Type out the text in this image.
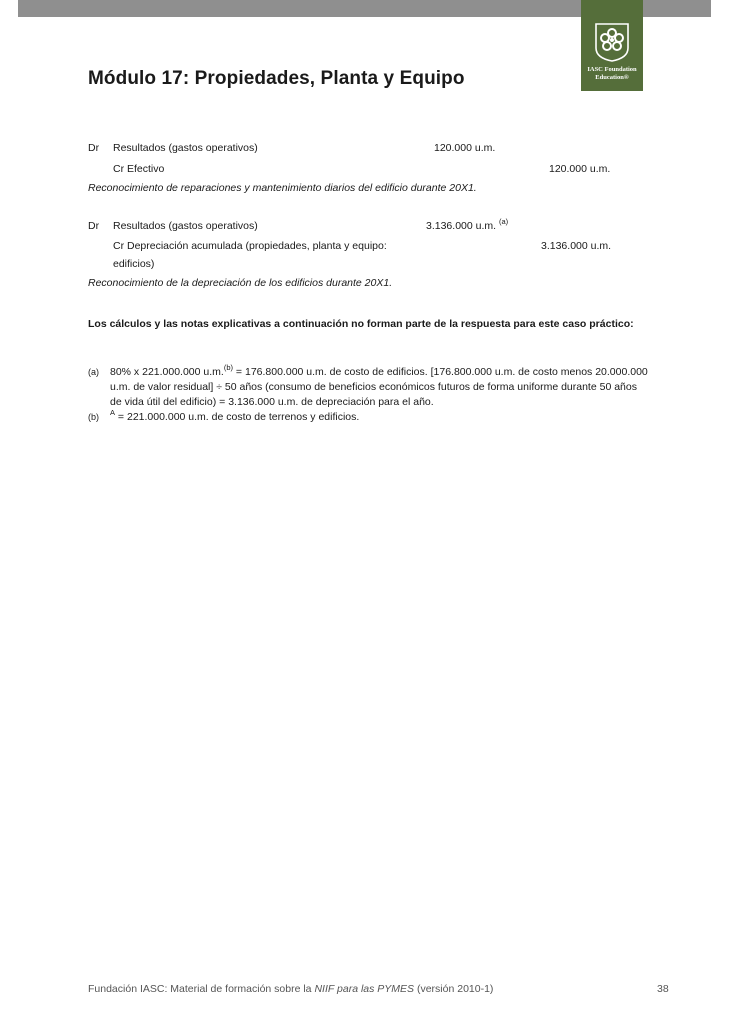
IASC Foundation
Education®
Módulo 17: Propiedades, Planta y Equipo
Dr Resultados (gastos operativos)	120.000 u.m.
Cr Efectivo	120.000 u.m.
Reconocimiento de reparaciones y mantenimiento diarios del edificio durante 20X1.
Dr Resultados (gastos operativos)	3.136.000 u.m. $^{(a)}$
Cr Depreciación acumulada (propiedades, planta y equipo:	3.136.000 u.m.
edificios)
Reconocimiento de la depreciación de los edificios durante 20X1.
Los cálculos y las notas explicativas a continuación no forman parte de la respuesta para este caso práctico:
(a) 80% x 221.000.000 u.m.$^{(b)}$ = 176.800.000 u.m. de costo de edificios. [176.800.000 u.m. de costo menos 20.000.000 u.m. de valor residual] ÷ 50 años (consumo de beneficios económicos futuros de forma uniforme durante 50 años de vida útil del edificio) = 3.136.000 u.m. de depreciación para el año.
(b) $^A$ = 221.000.000 u.m. de costo de terrenos y edificios.
Fundación IASC: Material de formación sobre la NIIF para las PYMES (versión 2010-1)	38
